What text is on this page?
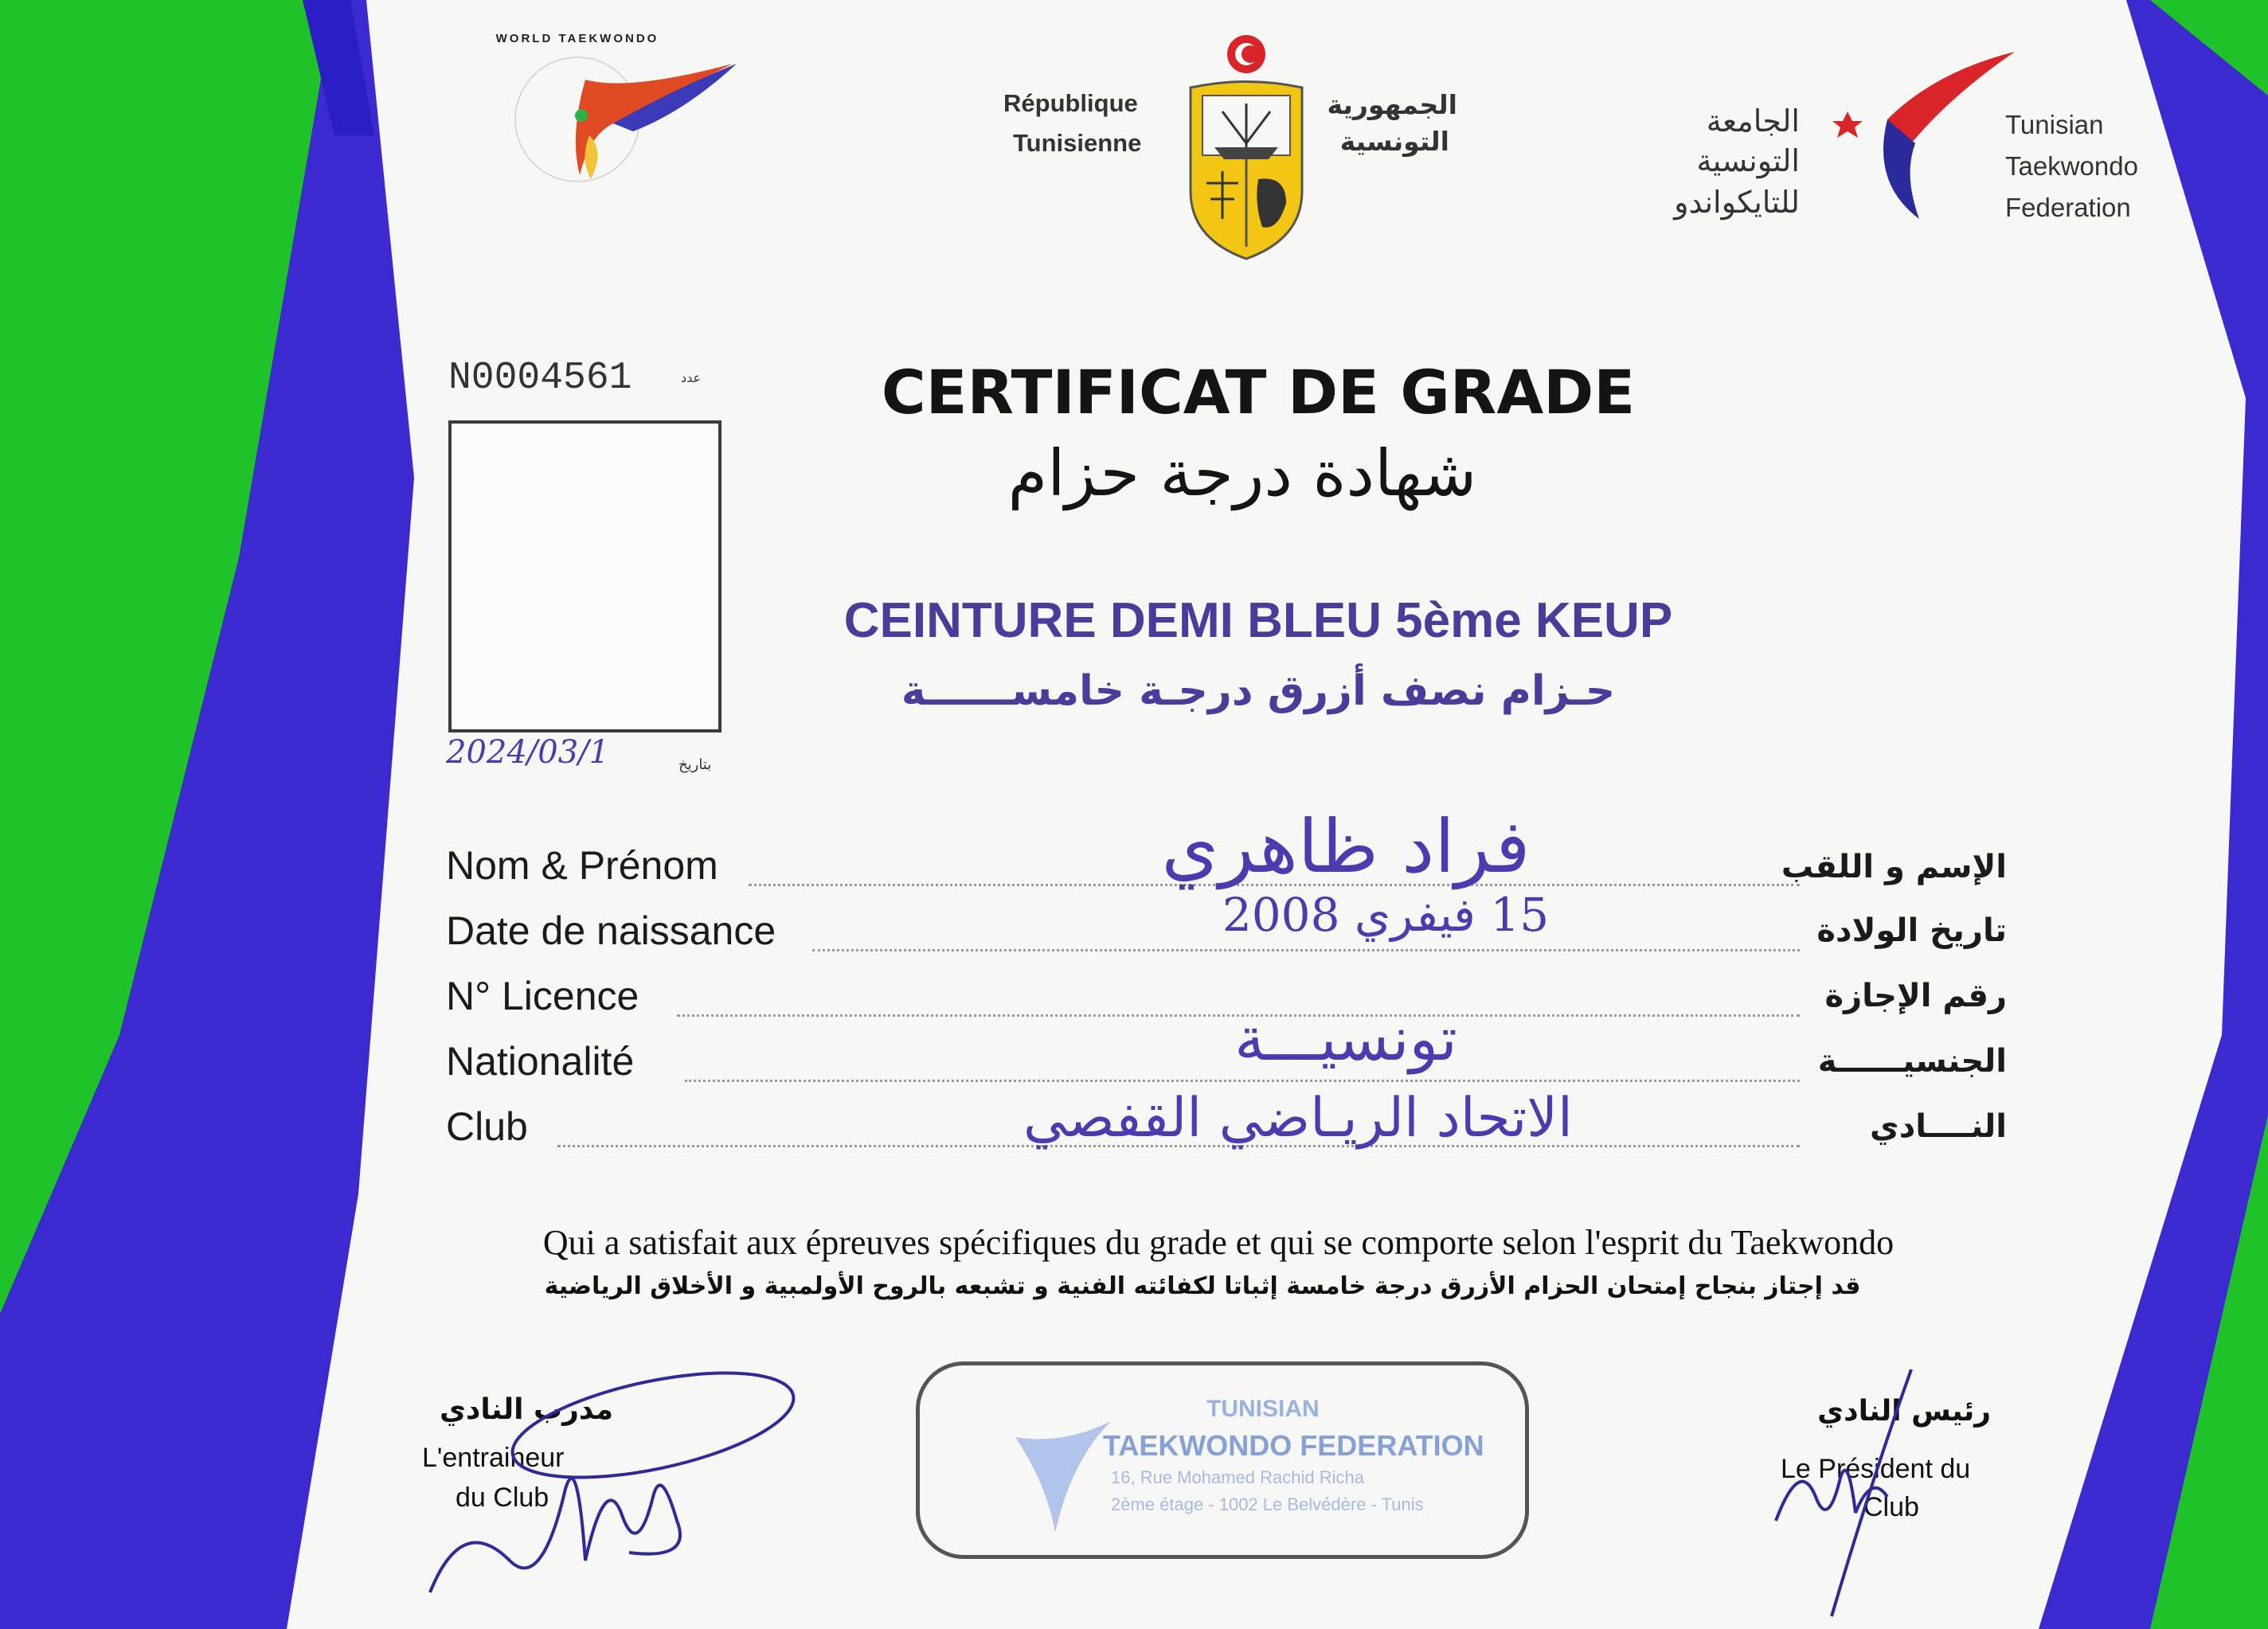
WORLD TAEKWONDO
République
Tunisienne
الجمهورية
التونسية
الجامعة
التونسية
للتايكواندو
Tunisian
Taekwondo
Federation
N0004561	عدد	CERTIFICAT DE GRADE
شهادة درجة حزام
CEINTURE DEMI BLEU 5ème KEUP
حـزام نصف أزرق درجـة خامســــــة
2024/03/1	بتاريخ
Nom & Prénom	فراد ظاهري	الإسم و اللقب
Date de naissance	15 فيفري 2008	تاريخ الولادة
N° Licence	رقم الإجازة
Nationalité	تونسيـــة	الجنسيــــــة
Club	الاتحاد الريـاضي القفصي	النــــادي
Qui a satisfait aux épreuves spécifiques du grade et qui se comporte selon l'esprit du Taekwondo
قد إجتاز بنجاح إمتحان الحزام الأزرق درجة خامسة إثباتا لكفائته الفنية و تشبعه بالروح الأولمبية و الأخلاق الرياضية
مدرب النادي
L'entraineur
du Club
TUNISIAN
TAEKWONDO FEDERATION
16, Rue Mohamed Rachid Richa
2ème étage - 1002 Le Belvédère - Tunis
رئيس النادي
Le Président du
Club
